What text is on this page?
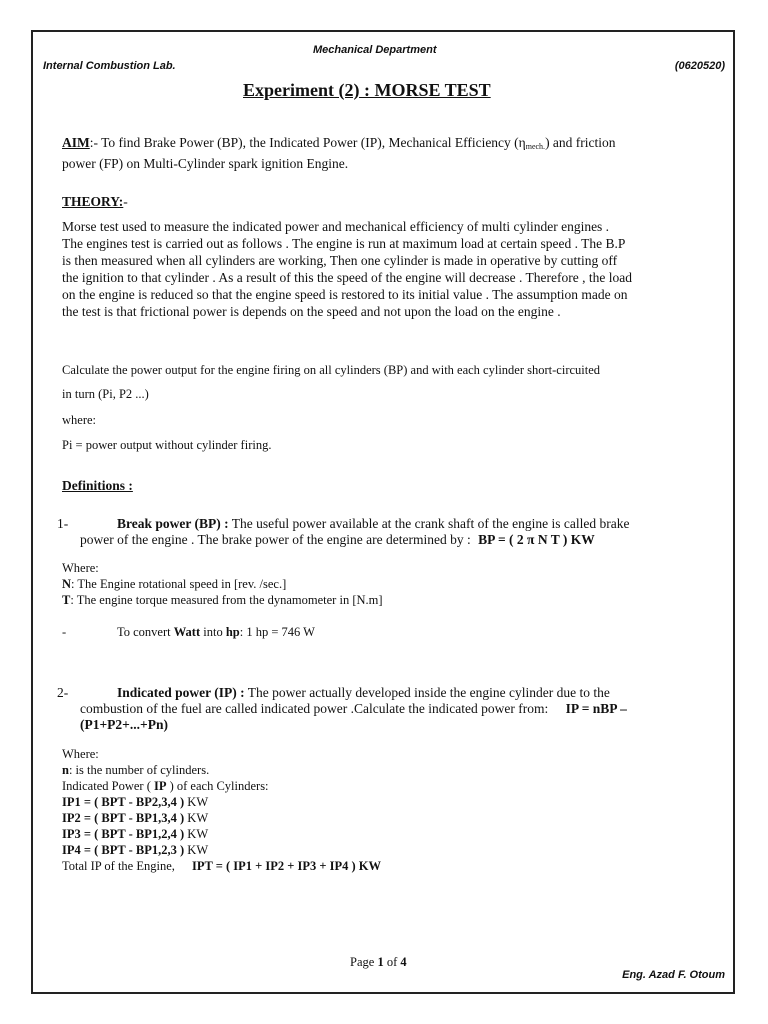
Mechanical Department
Internal Combustion Lab.	(0620520)
Experiment (2) : MORSE TEST
AIM:- To find Brake Power (BP), the Indicated Power (IP), Mechanical Efficiency $(\eta_{mech.})$ and friction
power (FP) on Multi-Cylinder spark ignition Engine.
THEORY:-
Morse test used to measure the indicated power and mechanical efficiency of multi cylinder engines .
The engines test is carried out as follows . The engine is run at maximum load at certain speed . The B.P
is then measured when all cylinders are working, Then one cylinder is made in operative by cutting off
the ignition to that cylinder . As a result of this the speed of the engine will decrease . Therefore , the load
on the engine is reduced so that the engine speed is restored to its initial value . The assumption made on
the test is that frictional power is depends on the speed and not upon the load on the engine .
Calculate the power output for the engine firing on all cylinders (BP) and with each cylinder short-circuited
in turn (Pi, P2 ...)
where:
Pi = power output without cylinder firing.
Definitions :
1-	Break power (BP) : The useful power available at the crank shaft of the engine is called brake
power of the engine . The brake power of the engine are determined by : BP = ( 2 π N T ) KW
Where:
N: The Engine rotational speed in [rev. /sec.]
T: The engine torque measured from the dynamometer in [N.m]
-	To convert Watt into hp: 1 hp = 746 W
2-	Indicated power (IP) : The power actually developed inside the engine cylinder due to the
combustion of the fuel are called indicated power .Calculate the indicated power from: IP = nBP –
(P1+P2+...+Pn)
Where:
n: is the number of cylinders.
Indicated Power ( IP ) of each Cylinders:
IP1 = ( BPT - BP2,3,4 ) KW
IP2 = ( BPT - BP1,3,4 ) KW
IP3 = ( BPT - BP1,2,4 ) KW
IP4 = ( BPT - BP1,2,3 ) KW
Total IP of the Engine, IPT = ( IP1 + IP2 + IP3 + IP4 ) KW
Page 1 of 4
Eng. Azad F. Otoum
